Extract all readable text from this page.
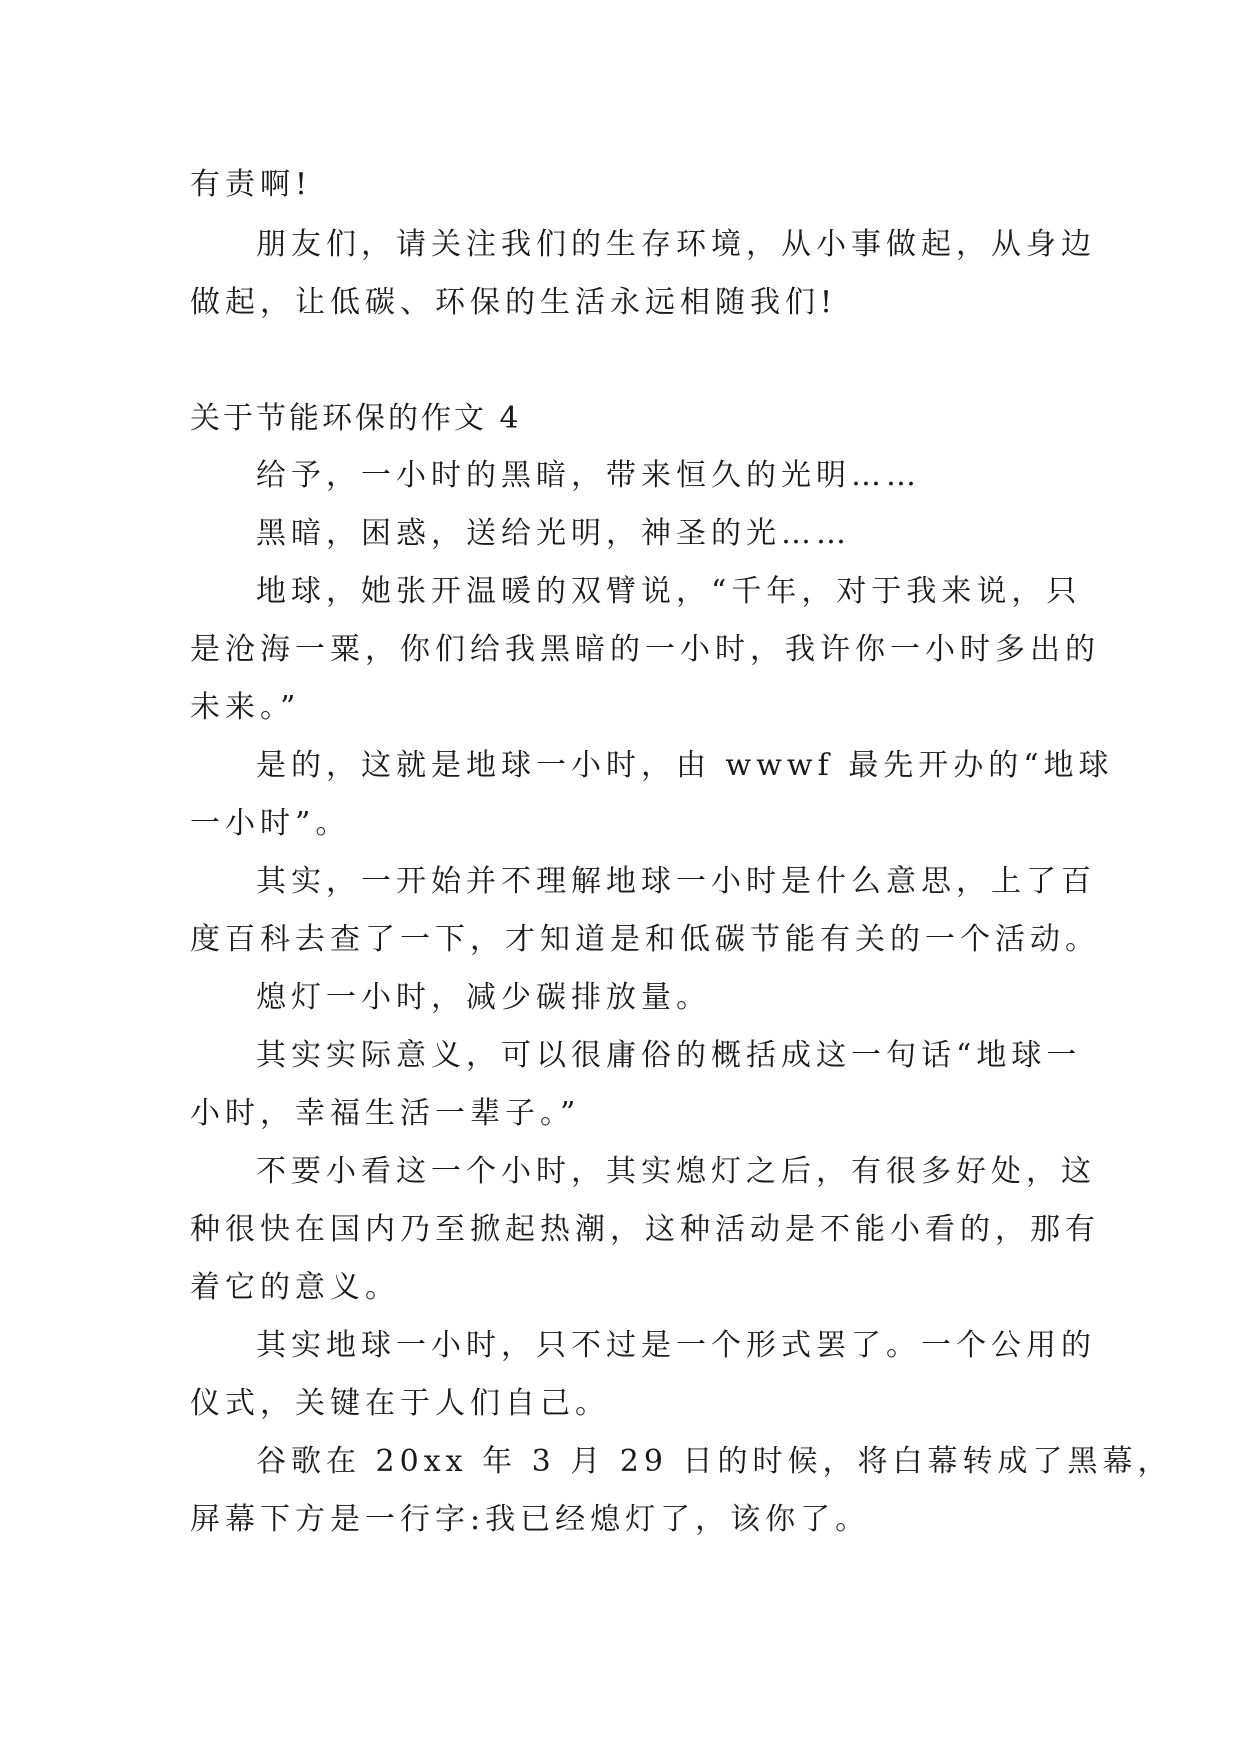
有责啊!
朋友们，请关注我们的生存环境，从小事做起，从身边
做起，让低碳、环保的生活永远相随我们!
关于节能环保的作文 4
给予，一小时的黑暗，带来恒久的光明……
黑暗，困惑，送给光明，神圣的光……
地球，她张开温暖的双臂说，“千年，对于我来说，只
是沧海一粟，你们给我黑暗的一小时，我许你一小时多出的
未来。”
是的，这就是地球一小时，由 wwwf 最先开办的“地球
一小时”。
其实，一开始并不理解地球一小时是什么意思，上了百
度百科去查了一下，才知道是和低碳节能有关的一个活动。
熄灯一小时，减少碳排放量。
其实实际意义，可以很庸俗的概括成这一句话“地球一
小时，幸福生活一辈子。”
不要小看这一个小时，其实熄灯之后，有很多好处，这
种很快在国内乃至掀起热潮，这种活动是不能小看的，那有
着它的意义。
其实地球一小时，只不过是一个形式罢了。一个公用的
仪式，关键在于人们自己。
谷歌在 20xx 年 3 月 29 日的时候，将白幕转成了黑幕，
屏幕下方是一行字:我已经熄灯了，该你了。
